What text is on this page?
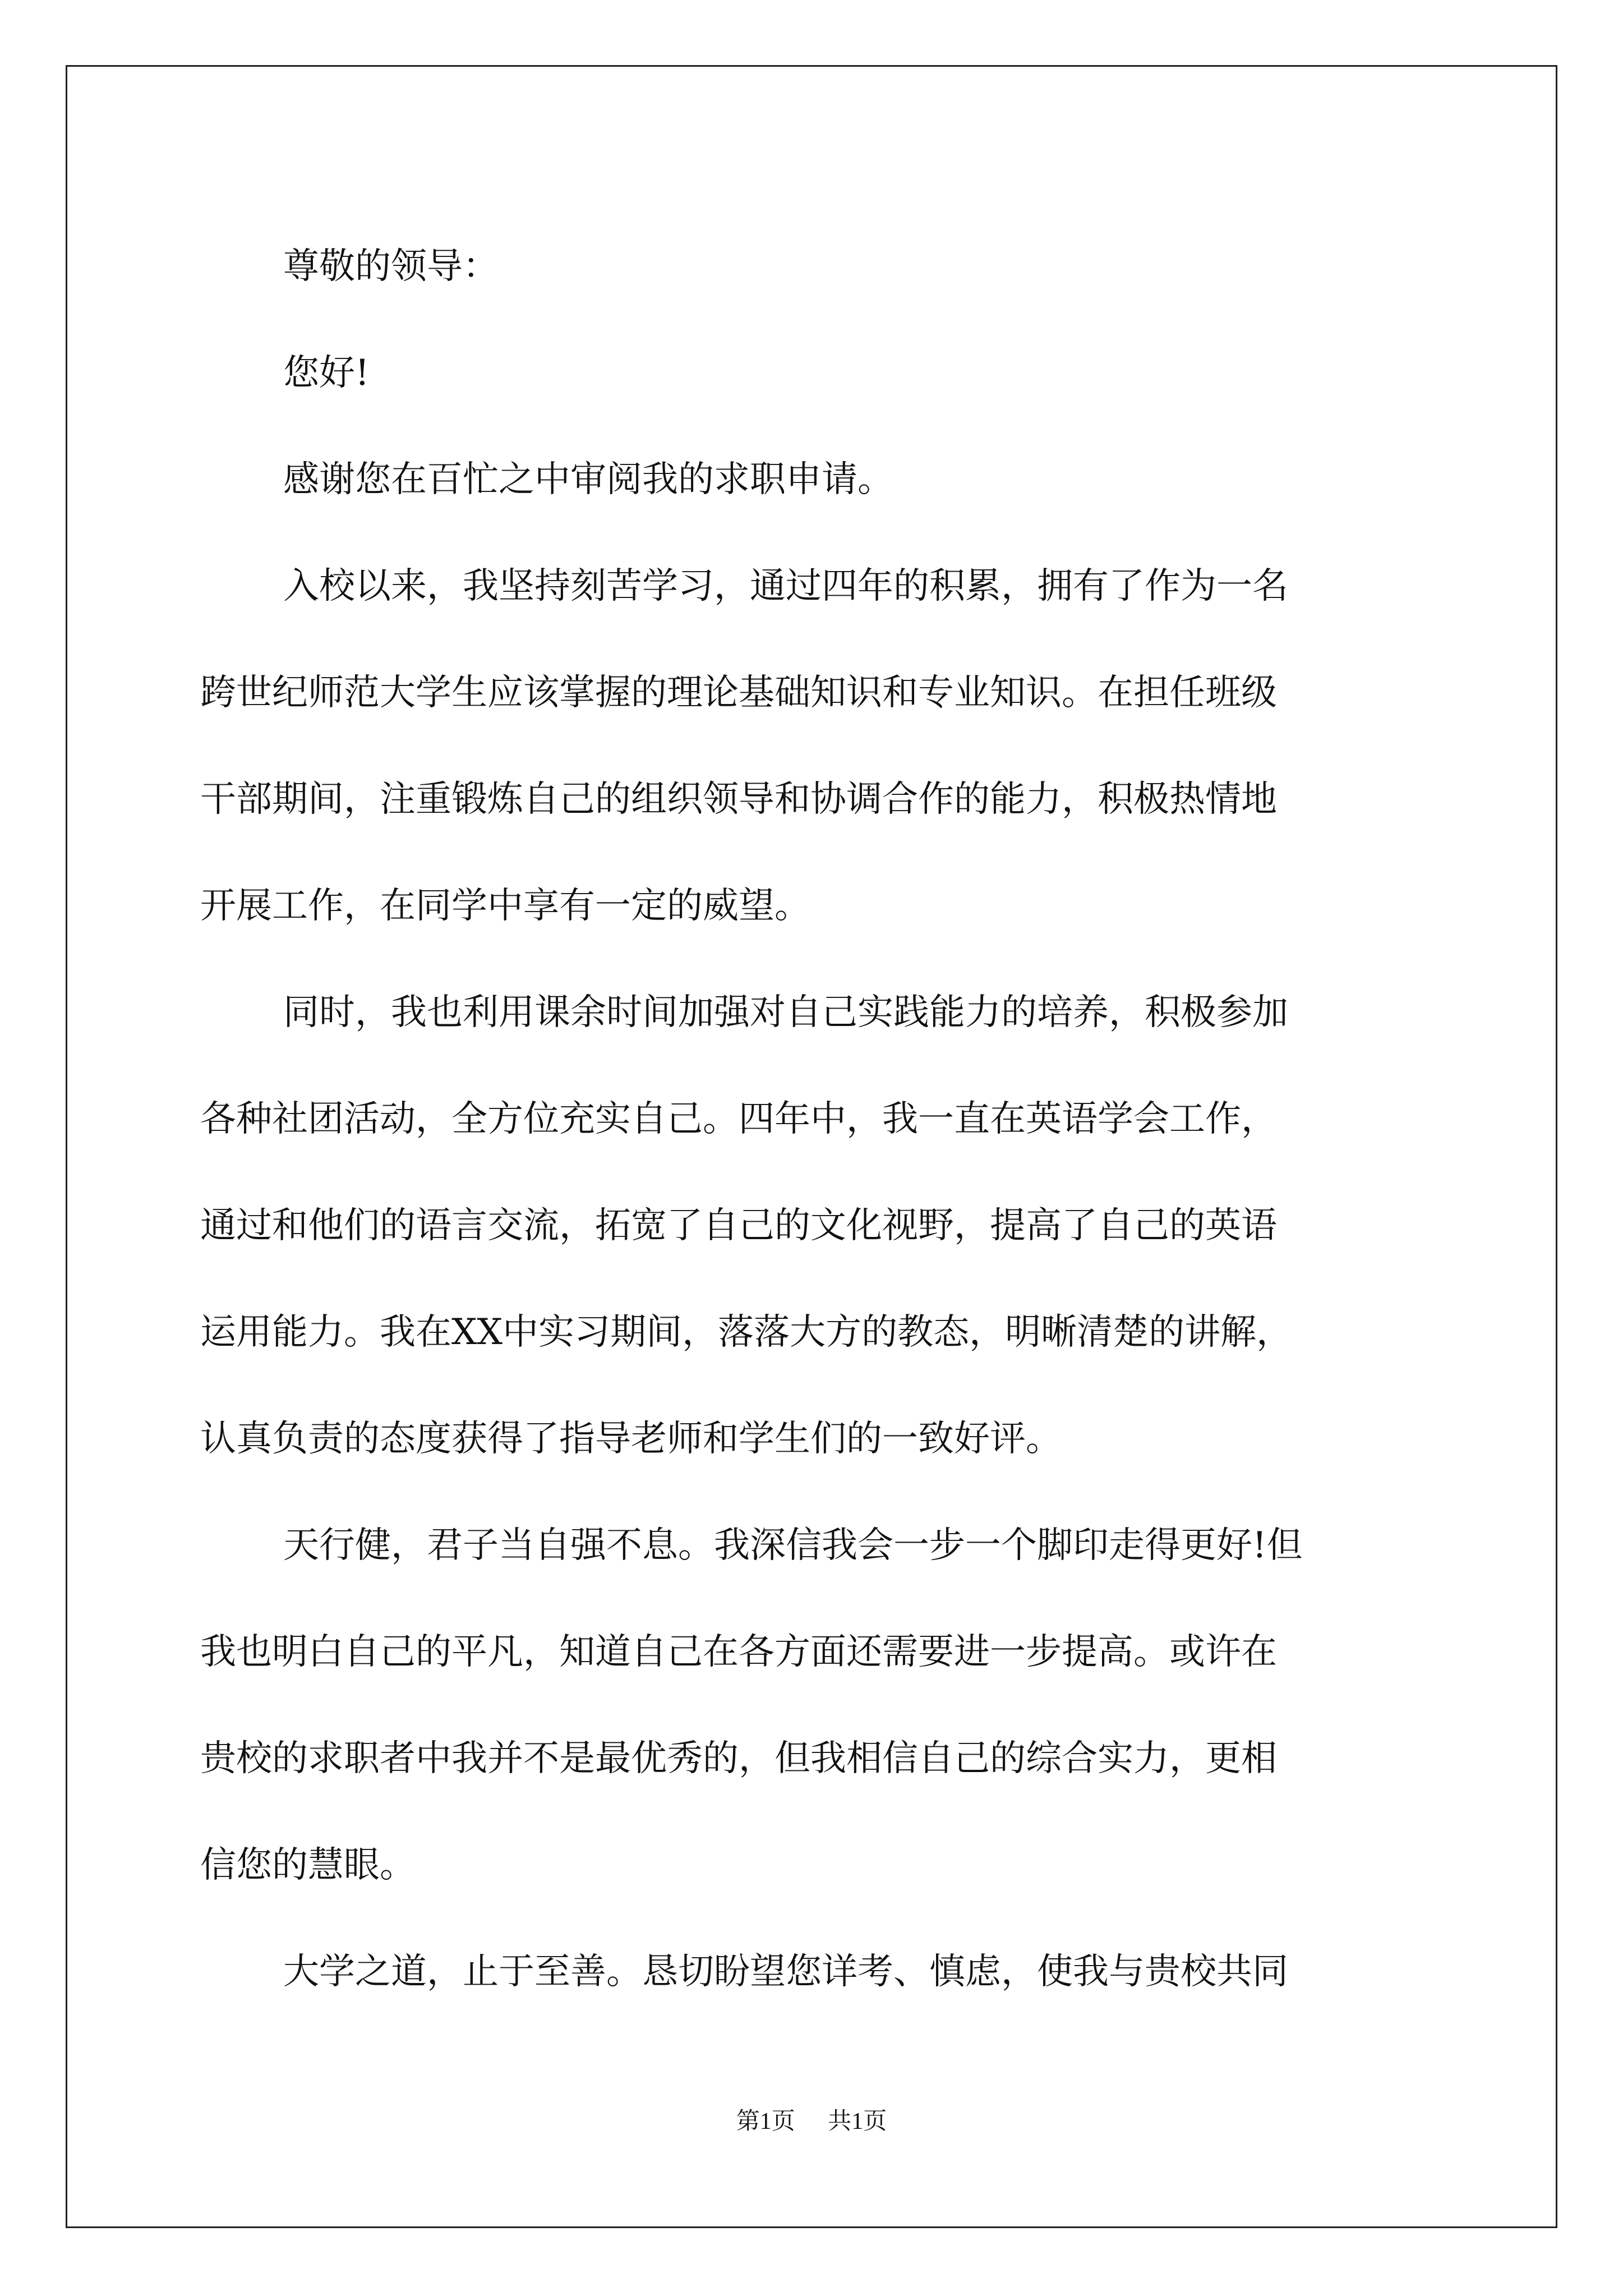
尊敬的领导：
您好!
感谢您在百忙之中审阅我的求职申请。
入校以来，我坚持刻苦学习，通过四年的积累，拥有了作为一名
跨世纪师范大学生应该掌握的理论基础知识和专业知识。在担任班级
干部期间，注重锻炼自己的组织领导和协调合作的能力，积极热情地
开展工作，在同学中享有一定的威望。
同时，我也利用课余时间加强对自己实践能力的培养，积极参加
各种社团活动，全方位充实自己。四年中，我一直在英语学会工作，
通过和他们的语言交流，拓宽了自己的文化视野，提高了自己的英语
运用能力。我在XX中实习期间，落落大方的教态，明晰清楚的讲解，
认真负责的态度获得了指导老师和学生们的一致好评。
天行健，君子当自强不息。我深信我会一步一个脚印走得更好!但
我也明白自己的平凡，知道自己在各方面还需要进一步提高。或许在
贵校的求职者中我并不是最优秀的，但我相信自己的综合实力，更相
信您的慧眼。
大学之道，止于至善。恳切盼望您详考、慎虑，使我与贵校共同
第1页 共1页
